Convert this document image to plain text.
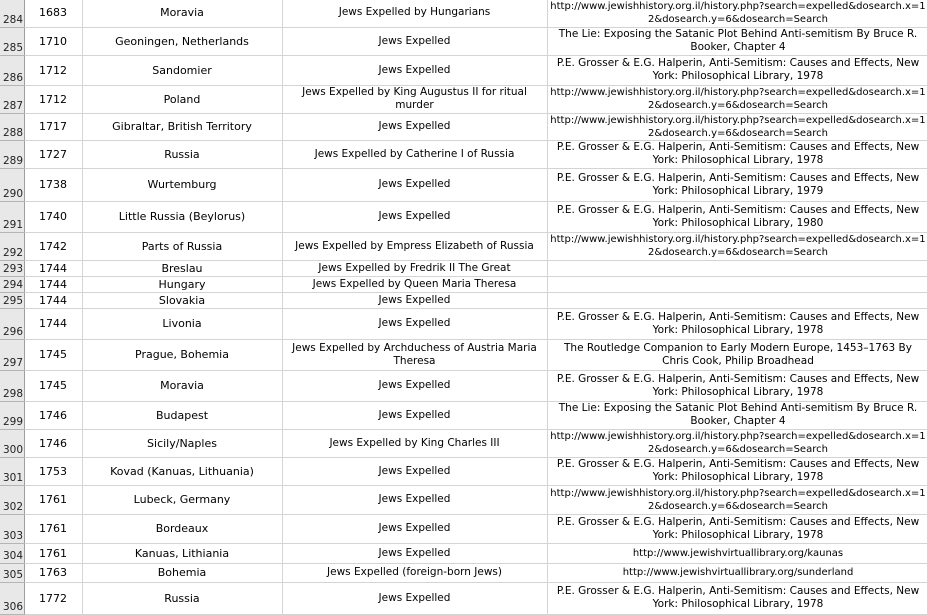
284	1683	Moravia	Jews Expelled by Hungarians	http://www.jewishhistory.org.il/history.php?search=expelled&dosearch.x=12&dosearch.y=6&dosearch=Search	
285	1710	Geoningen, Netherlands	Jews Expelled	The Lie: Exposing the Satanic Plot Behind Anti-semitism By Bruce R. Booker, Chapter 4	
286	1712	Sandomier	Jews Expelled	P.E. Grosser & E.G. Halperin, Anti-Semitism: Causes and Effects, New York: Philosophical Library, 1978	
287	1712	Poland	Jews Expelled by King Augustus II for ritual murder	http://www.jewishhistory.org.il/history.php?search=expelled&dosearch.x=12&dosearch.y=6&dosearch=Search	
288	1717	Gibraltar, British Territory	Jews Expelled	http://www.jewishhistory.org.il/history.php?search=expelled&dosearch.x=12&dosearch.y=6&dosearch=Search	
289	1727	Russia	Jews Expelled by Catherine I of Russia	P.E. Grosser & E.G. Halperin, Anti-Semitism: Causes and Effects, New York: Philosophical Library, 1978	
290	1738	Wurtemburg	Jews Expelled	P.E. Grosser & E.G. Halperin, Anti-Semitism: Causes and Effects, New York: Philosophical Library, 1979	
291	1740	Little Russia (Beylorus)	Jews Expelled	P.E. Grosser & E.G. Halperin, Anti-Semitism: Causes and Effects, New York: Philosophical Library, 1980	
292	1742	Parts of Russia	Jews Expelled by Empress Elizabeth of Russia	http://www.jewishhistory.org.il/history.php?search=expelled&dosearch.x=12&dosearch.y=6&dosearch=Search	
293	1744	Breslau	Jews Expelled by Fredrik II The Great		
294	1744	Hungary	Jews Expelled by Queen Maria Theresa		
295	1744	Slovakia	Jews Expelled		
296	1744	Livonia	Jews Expelled	P.E. Grosser & E.G. Halperin, Anti-Semitism: Causes and Effects, New York: Philosophical Library, 1978	
297	1745	Prague, Bohemia	Jews Expelled by Archduchess of Austria Maria Theresa	The Routledge Companion to Early Modern Europe, 1453–1763 By Chris Cook, Philip Broadhead	
298	1745	Moravia	Jews Expelled	P.E. Grosser & E.G. Halperin, Anti-Semitism: Causes and Effects, New York: Philosophical Library, 1978	
299	1746	Budapest	Jews Expelled	The Lie: Exposing the Satanic Plot Behind Anti-semitism By Bruce R. Booker, Chapter 4	
300	1746	Sicily/Naples	Jews Expelled by King Charles III	http://www.jewishhistory.org.il/history.php?search=expelled&dosearch.x=12&dosearch.y=6&dosearch=Search	
301	1753	Kovad (Kanuas, Lithuania)	Jews Expelled	P.E. Grosser & E.G. Halperin, Anti-Semitism: Causes and Effects, New York: Philosophical Library, 1978	
302	1761	Lubeck, Germany	Jews Expelled	http://www.jewishhistory.org.il/history.php?search=expelled&dosearch.x=12&dosearch.y=6&dosearch=Search	
303	1761	Bordeaux	Jews Expelled	P.E. Grosser & E.G. Halperin, Anti-Semitism: Causes and Effects, New York: Philosophical Library, 1978	
304	1761	Kanuas, Lithiania	Jews Expelled	http://www.jewishvirtuallibrary.org/kaunas	
305	1763	Bohemia	Jews Expelled (foreign-born Jews)	http://www.jewishvirtuallibrary.org/sunderland	
306	1772	Russia	Jews Expelled	P.E. Grosser & E.G. Halperin, Anti-Semitism: Causes and Effects, New York: Philosophical Library, 1978	
